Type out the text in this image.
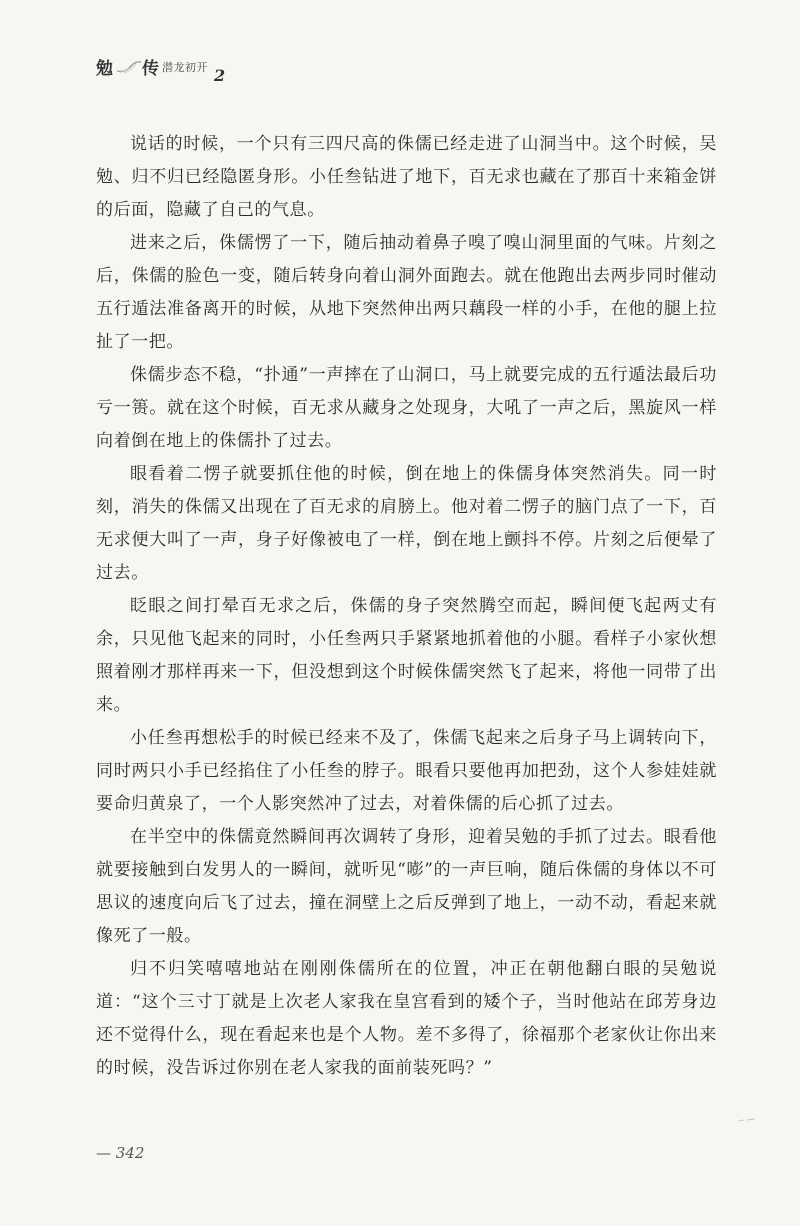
勉 传 潜龙初开 2

说话的时候，一个只有三四尺高的侏儒已经走进了山洞当中。这个时候，吴勉、归不归已经隐匿身形。小任叁钻进了地下，百无求也藏在了那百十来箱金饼的后面，隐藏了自己的气息。

进来之后，侏儒愣了一下，随后抽动着鼻子嗅了嗅山洞里面的气味。片刻之后，侏儒的脸色一变，随后转身向着山洞外面跑去。就在他跑出去两步同时催动五行遁法准备离开的时候，从地下突然伸出两只藕段一样的小手，在他的腿上拉扯了一把。

侏儒步态不稳，“扑通”一声摔在了山洞口，马上就要完成的五行遁法最后功亏一篑。就在这个时候，百无求从藏身之处现身，大吼了一声之后，黑旋风一样向着倒在地上的侏儒扑了过去。

眼看着二愣子就要抓住他的时候，倒在地上的侏儒身体突然消失。同一时刻，消失的侏儒又出现在了百无求的肩膀上。他对着二愣子的脑门点了一下，百无求便大叫了一声，身子好像被电了一样，倒在地上颤抖不停。片刻之后便晕了过去。

眨眼之间打晕百无求之后，侏儒的身子突然腾空而起，瞬间便飞起两丈有余，只见他飞起来的同时，小任叁两只手紧紧地抓着他的小腿。看样子小家伙想照着刚才那样再来一下，但没想到这个时候侏儒突然飞了起来，将他一同带了出来。

小任叁再想松手的时候已经来不及了，侏儒飞起来之后身子马上调转向下，同时两只小手已经掐住了小任叁的脖子。眼看只要他再加把劲，这个人参娃娃就要命归黄泉了，一个人影突然冲了过去，对着侏儒的后心抓了过去。

在半空中的侏儒竟然瞬间再次调转了身形，迎着吴勉的手抓了过去。眼看他就要接触到白发男人的一瞬间，就听见“嘭”的一声巨响，随后侏儒的身体以不可思议的速度向后飞了过去，撞在洞壁上之后反弹到了地上，一动不动，看起来就像死了一般。

归不归笑嘻嘻地站在刚刚侏儒所在的位置，冲正在朝他翻白眼的吴勉说道：“这个三寸丁就是上次老人家我在皇宫看到的矮个子，当时他站在邱芳身边还不觉得什么，现在看起来也是个人物。差不多得了，徐福那个老家伙让你出来的时候，没告诉过你别在老人家我的面前装死吗？”

— 342
